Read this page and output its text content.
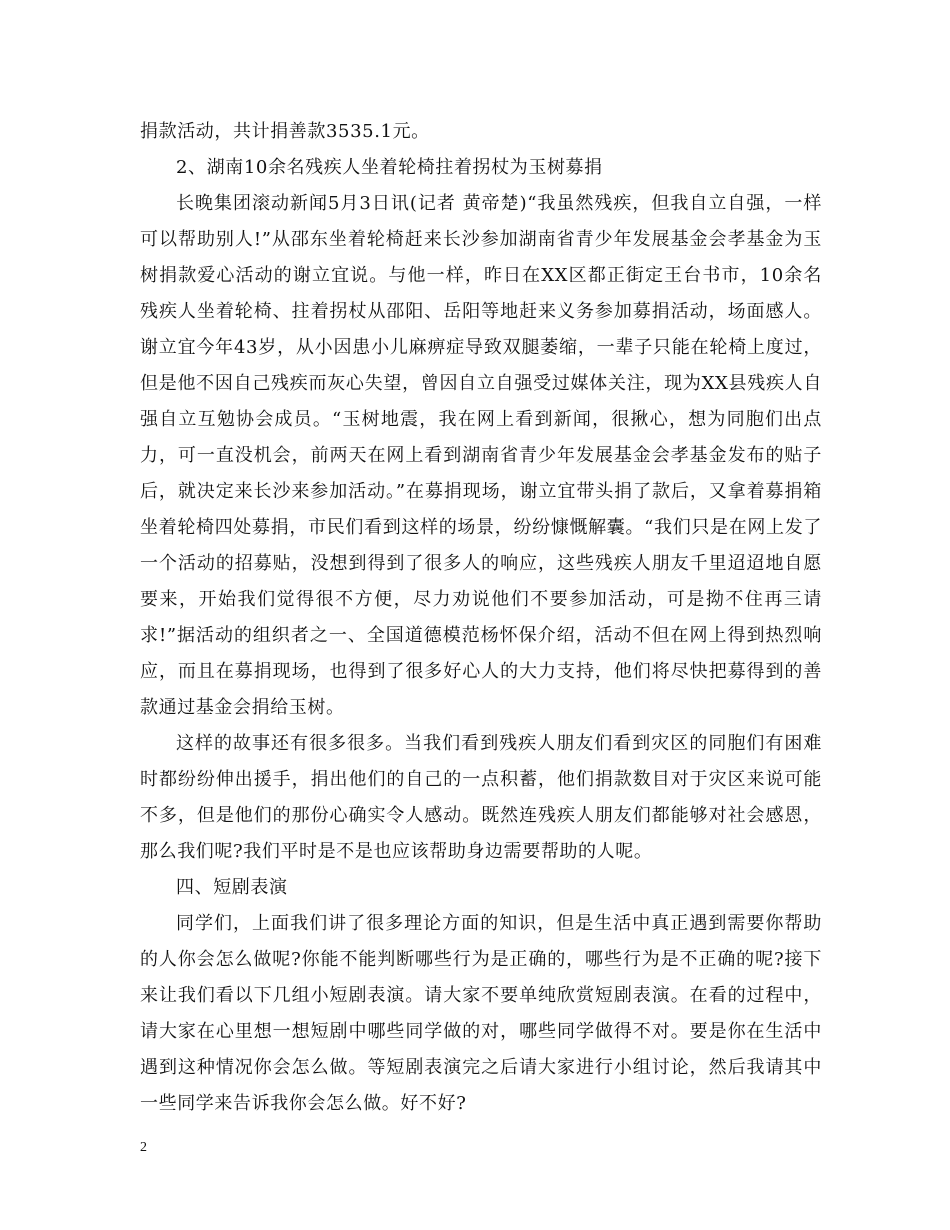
捐款活动，共计捐善款3535.1元。

2、湖南10余名残疾人坐着轮椅拄着拐杖为玉树募捐

长晚集团滚动新闻5月3日讯(记者 黄帝楚)“我虽然残疾，但我自立自强，一样可以帮助别人!”从邵东坐着轮椅赶来长沙参加湖南省青少年发展基金会孝基金为玉树捐款爱心活动的谢立宜说。与他一样，昨日在XX区都正街定王台书市，10余名残疾人坐着轮椅、拄着拐杖从邵阳、岳阳等地赶来义务参加募捐活动，场面感人。谢立宜今年43岁，从小因患小儿麻痹症导致双腿萎缩，一辈子只能在轮椅上度过，但是他不因自己残疾而灰心失望，曾因自立自强受过媒体关注，现为XX县残疾人自强自立互勉协会成员。“玉树地震，我在网上看到新闻，很揪心，想为同胞们出点力，可一直没机会，前两天在网上看到湖南省青少年发展基金会孝基金发布的贴子后，就决定来长沙来参加活动。”在募捐现场，谢立宜带头捐了款后，又拿着募捐箱坐着轮椅四处募捐，市民们看到这样的场景，纷纷慷慨解囊。“我们只是在网上发了一个活动的招募贴，没想到得到了很多人的响应，这些残疾人朋友千里迢迢地自愿要来，开始我们觉得很不方便，尽力劝说他们不要参加活动，可是拗不住再三请求!”据活动的组织者之一、全国道德模范杨怀保介绍，活动不但在网上得到热烈响应，而且在募捐现场，也得到了很多好心人的大力支持，他们将尽快把募得到的善款通过基金会捐给玉树。

这样的故事还有很多很多。当我们看到残疾人朋友们看到灾区的同胞们有困难时都纷纷伸出援手，捐出他们的自己的一点积蓄，他们捐款数目对于灾区来说可能不多，但是他们的那份心确实令人感动。既然连残疾人朋友们都能够对社会感恩，那么我们呢?我们平时是不是也应该帮助身边需要帮助的人呢。

四、短剧表演

同学们，上面我们讲了很多理论方面的知识，但是生活中真正遇到需要你帮助的人你会怎么做呢?你能不能判断哪些行为是正确的，哪些行为是不正确的呢?接下来让我们看以下几组小短剧表演。请大家不要单纯欣赏短剧表演。在看的过程中，请大家在心里想一想短剧中哪些同学做的对，哪些同学做得不对。要是你在生活中遇到这种情况你会怎么做。等短剧表演完之后请大家进行小组讨论，然后我请其中一些同学来告诉我你会怎么做。好不好?

2
